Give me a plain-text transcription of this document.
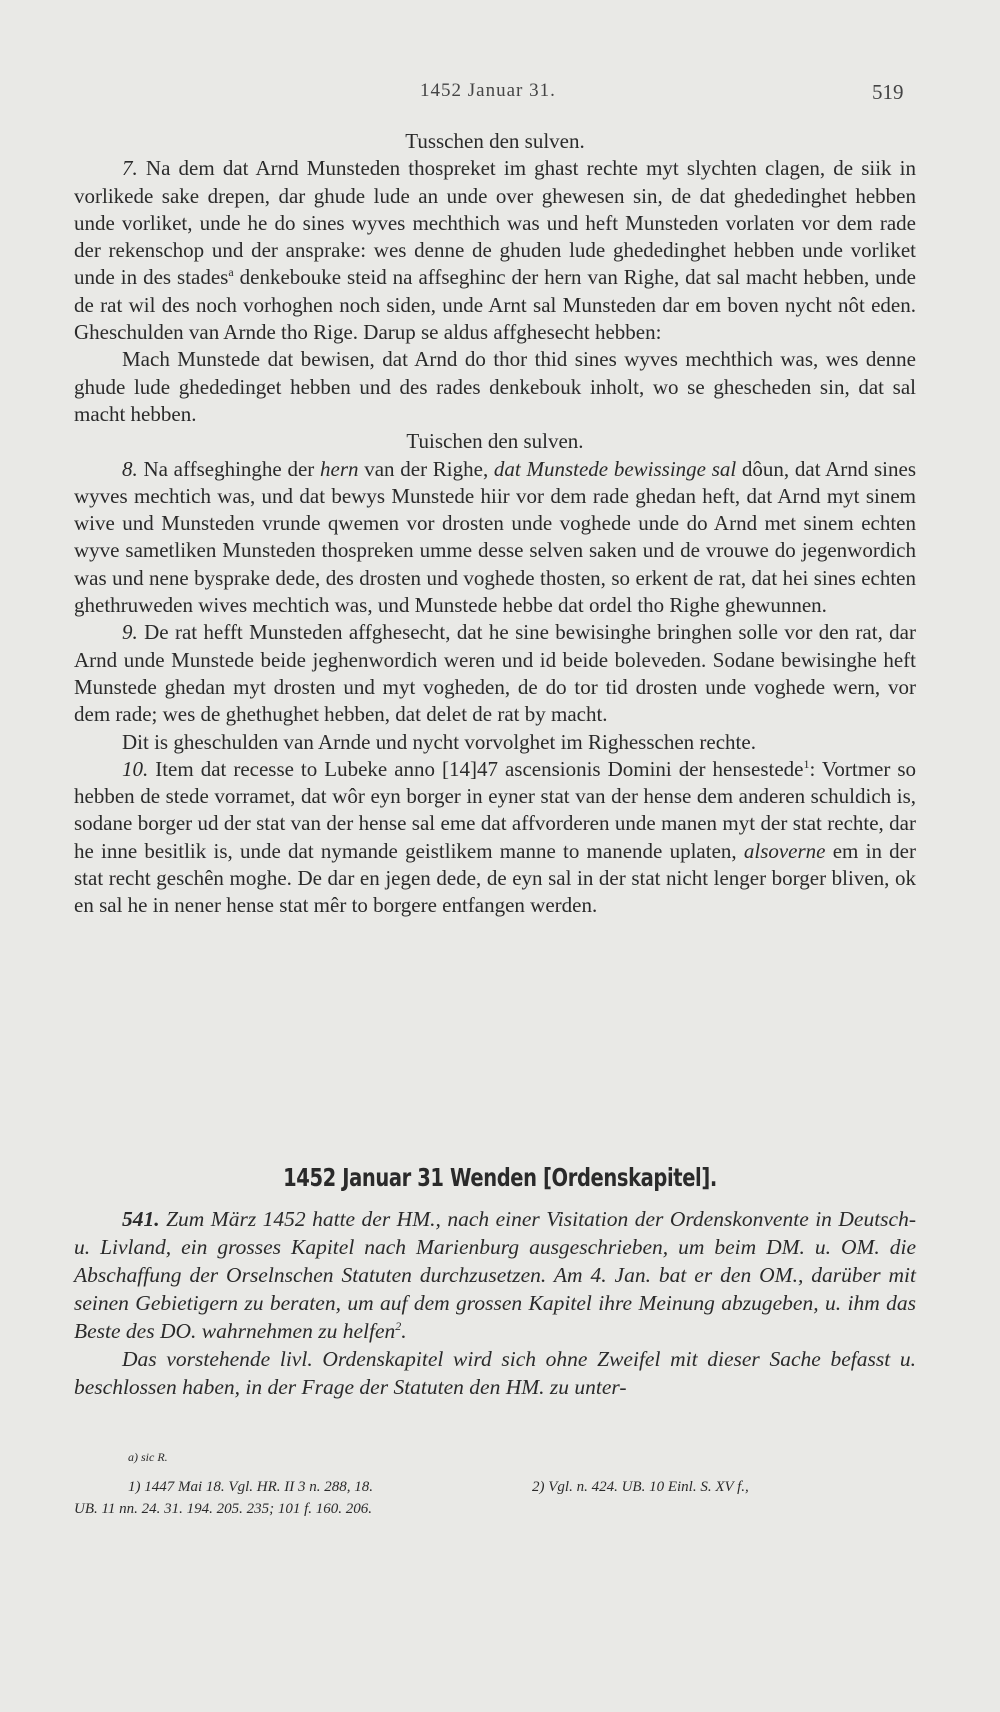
1452 Januar 31.	519

Tusschen den sulven.

7. Na dem dat Arnd Munsteden thospreket im ghast rechte myt slychten clagen, de siik in vorlikede sake drepen, dar ghude lude an unde over ghewesen sin, de dat ghededinghet hebben unde vorliket, unde he do sines wyves mechthich was und heft Munsteden vorlaten vor dem rade der rekenschop und der ansprake: wes denne de ghuden lude ghededinghet hebben unde vorliket unde in des stades$^a$ denkebouke steid na affseghinc der hern van Righe, dat sal macht hebben, unde de rat wil des noch vorhoghen noch siden, unde Arnt sal Munsteden dar em boven nycht nôt eden. Gheschulden van Arnde tho Rige. Darup se aldus affghesecht hebben:

Mach Munstede dat bewisen, dat Arnd do thor thid sines wyves mechthich was, wes denne ghude lude ghededinget hebben und des rades denkebouk inholt, wo se ghescheden sin, dat sal macht hebben.

Tuischen den sulven.

8. Na affseghinghe der hern van der Righe, dat Munstede bewissinge sal dôun, dat Arnd sines wyves mechtich was, und dat bewys Munstede hiir vor dem rade ghedan heft, dat Arnd myt sinem wive und Munsteden vrunde qwemen vor drosten unde voghede unde do Arnd met sinem echten wyve sametliken Munsteden thospreken umme desse selven saken und de vrouwe do jegenwordich was und nene bysprake dede, des drosten und voghede thosten, so erkent de rat, dat hei sines echten ghethruweden wives mechtich was, und Munstede hebbe dat ordel tho Righe ghewunnen.

9. De rat hefft Munsteden affghesecht, dat he sine bewisinghe bringhen solle vor den rat, dar Arnd unde Munstede beide jeghenwordich weren und id beide boleveden. Sodane bewisinghe heft Munstede ghedan myt drosten und myt vogheden, de do tor tid drosten unde voghede wern, vor dem rade; wes de ghethughet hebben, dat delet de rat by macht.

Dit is gheschulden van Arnde und nycht vorvolghet im Righesschen rechte.

10. Item dat recesse to Lubeke anno [14]47 ascensionis Domini der hensestede$^1$: Vortmer so hebben de stede vorramet, dat wôr eyn borger in eyner stat van der hense dem anderen schuldich is, sodane borger ud der stat van der hense sal eme dat affvorderen unde manen myt der stat rechte, dar he inne besitlik is, unde dat nymande geistlikem manne to manende uplaten, alsoverne em in der stat recht geschên moghe. De dar en jegen dede, de eyn sal in der stat nicht lenger borger bliven, ok en sal he in nener hense stat mêr to borgere entfangen werden.

1452 Januar 31 Wenden [Ordenskapitel].

541. Zum März 1452 hatte der HM., nach einer Visitation der Ordenskonvente in Deutsch- u. Livland, ein grosses Kapitel nach Marienburg ausgeschrieben, um beim DM. u. OM. die Abschaffung der Orselnschen Statuten durchzusetzen. Am 4. Jan. bat er den OM., darüber mit seinen Gebietigern zu beraten, um auf dem grossen Kapitel ihre Meinung abzugeben, u. ihm das Beste des DO. wahrnehmen zu helfen$^2$.

Das vorstehende livl. Ordenskapitel wird sich ohne Zweifel mit dieser Sache befasst u. beschlossen haben, in der Frage der Statuten den HM. zu unter-

a) sic R.

1) 1447 Mai 18. Vgl. HR. II 3 n. 288, 18.	2) Vgl. n. 424. UB. 10 Einl. S. XV f.,

UB. 11 nn. 24. 31. 194. 205. 235; 101 f. 160. 206.
